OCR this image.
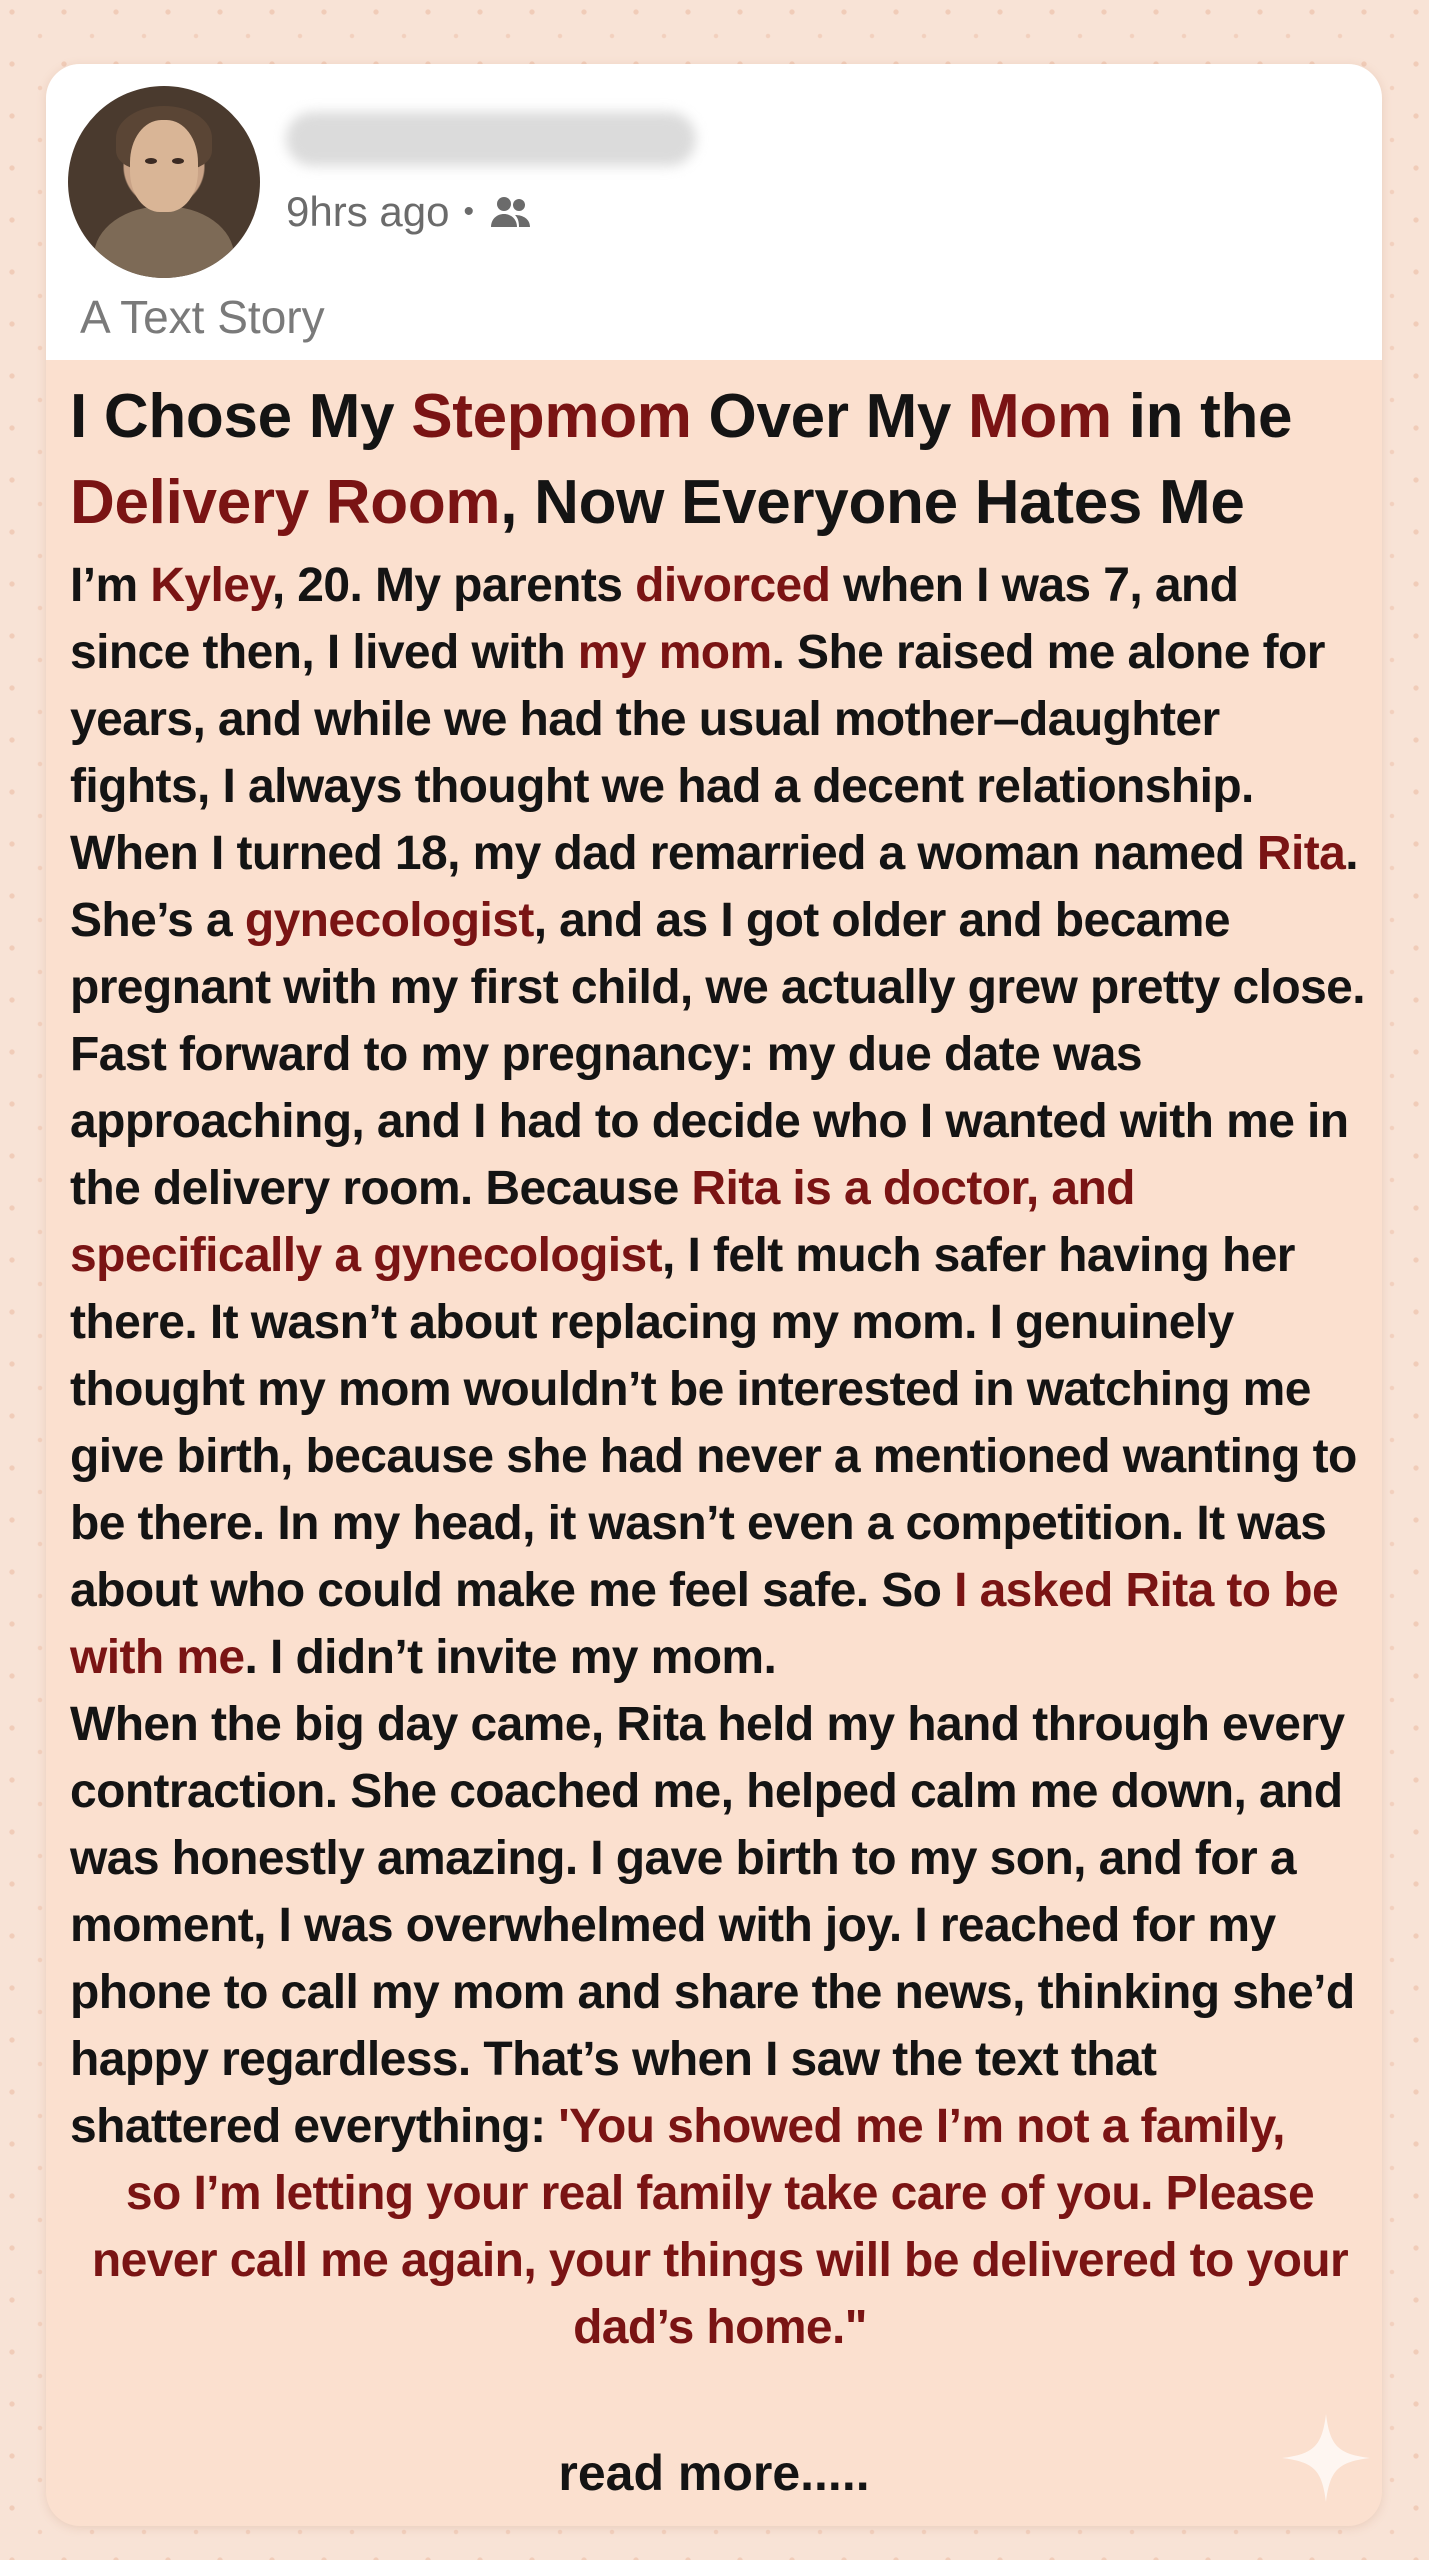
9hrs ago •
A Text Story
I Chose My Stepmom Over My Mom in the Delivery Room, Now Everyone Hates Me

I’m Kyley, 20. My parents divorced when I was 7, and since then, I lived with my mom. She raised me alone for years, and while we had the usual mother–daughter fights, I always thought we had a decent relationship. When I turned 18, my dad remarried a woman named Rita. She’s a gynecologist, and as I got older and became pregnant with my first child, we actually grew pretty close. Fast forward to my pregnancy: my due date was approaching, and I had to decide who I wanted with me in the delivery room. Because Rita is a doctor, and specifically a gynecologist, I felt much safer having her there. It wasn’t about replacing my mom. I genuinely thought my mom wouldn’t be interested in watching me give birth, because she had never a mentioned wanting to be there. In my head, it wasn’t even a competition. It was about who could make me feel safe. So I asked Rita to be with me. I didn’t invite my mom.

When the big day came, Rita held my hand through every contraction. She coached me, helped calm me down, and was honestly amazing. I gave birth to my son, and for a moment, I was overwhelmed with joy. I reached for my phone to call my mom and share the news, thinking she’d happy regardless. That’s when I saw the text that shattered everything: 'You showed me I’m not a family,

so I’m letting your real family take care of you. Please never call me again, your things will be delivered to your dad’s home."

read more.....
